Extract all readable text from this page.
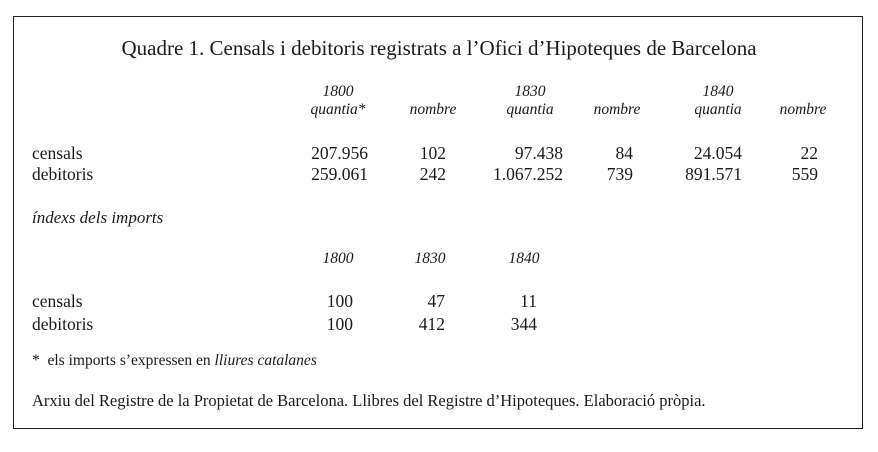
Quadre 1. Censals i debitoris registrats a l’Ofici d’Hipoteques de Barcelona
1800
quantia*	nombre
1830
quantia	nombre
1840
quantia	nombre
censals	207.956	102	97.438	84	24.054	22
debitoris	259.061	242	1.067.252	739	891.571	559
índexs dels imports
1800	1830	1840
censals	100	47	11
debitoris	100	412	344
*  els imports s’expressen en lliures catalanes
Arxiu del Registre de la Propietat de Barcelona. Llibres del Registre d’Hipoteques. Elaboració pròpia.
